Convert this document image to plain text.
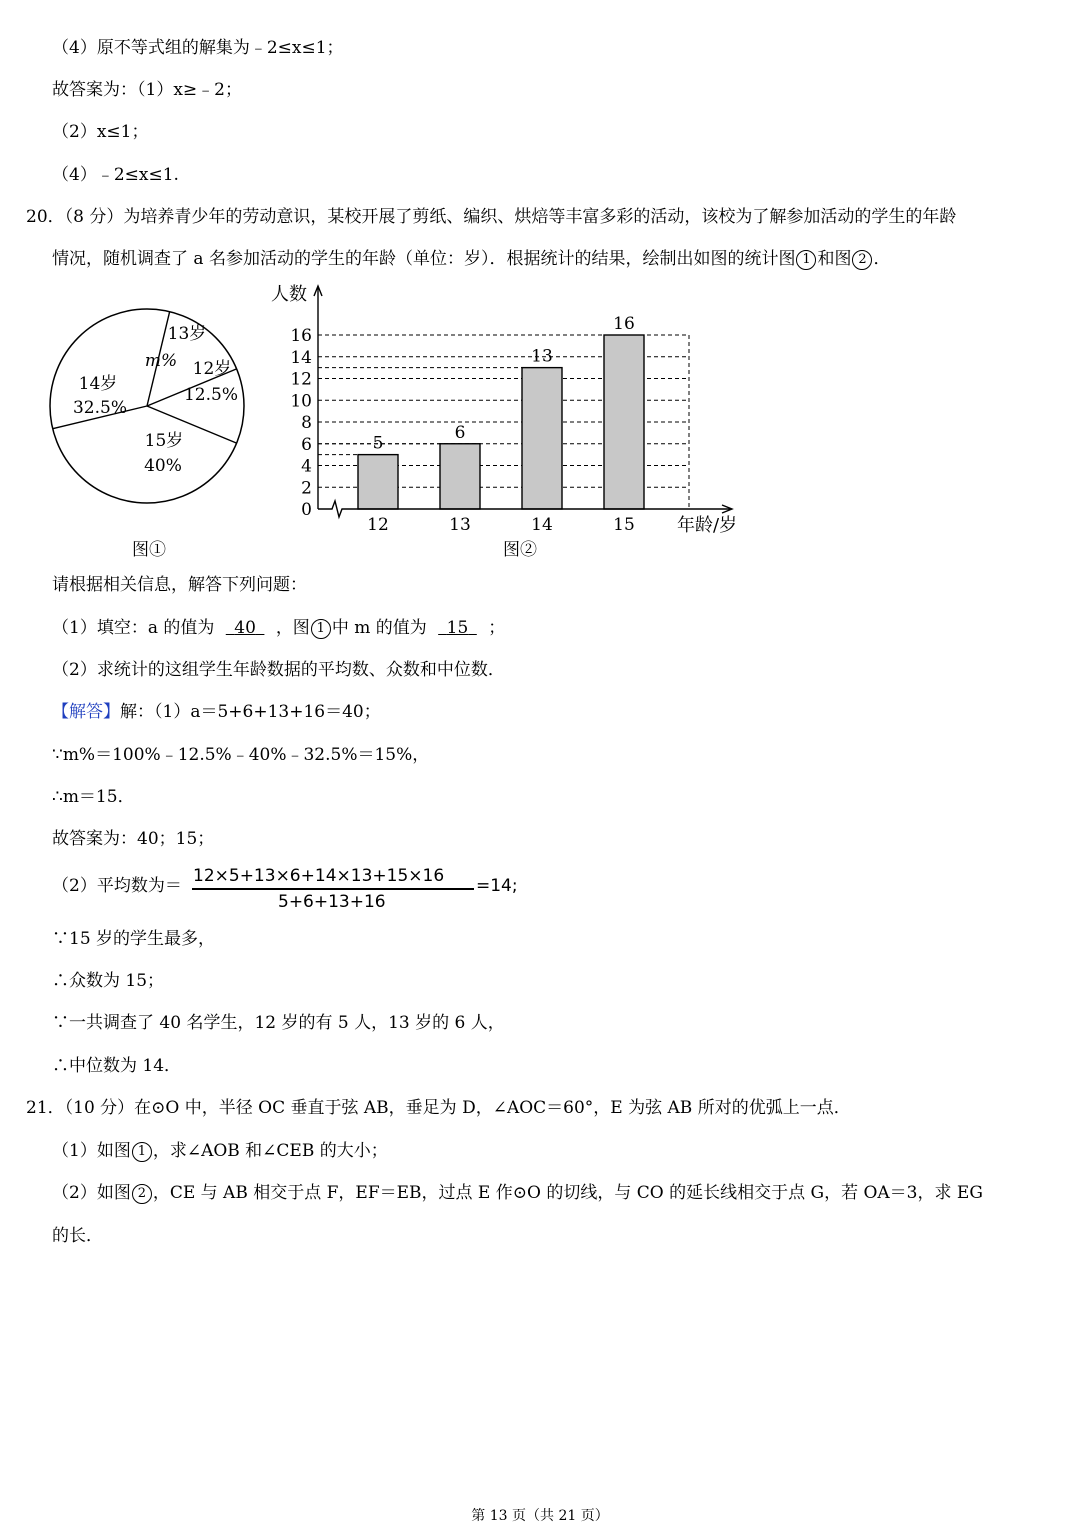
（4）原不等式组的解集为﹣2≤x≤1；
故答案为：（1）x≥﹣2；
（2）x≤1；
（4）﹣2≤x≤1.
20．（8 分）为培养青少年的劳动意识，某校开展了剪纸、编织、烘焙等丰富多彩的活动，该校为了解参加活动的学生的年龄
情况，随机调查了 a 名参加活动的学生的年龄（单位：岁）．根据统计的结果，绘制出如图的统计图 1 和图 2 ．
13岁
m% 12岁
12.5%
14岁
32.5%
15岁
40%
图①
5
6
13
16
0
2
4
6
8
10
12
14
16
12	13	14	15
人数
年龄/岁
图②
请根据相关信息，解答下列问题：
（1）填空：a 的值为   40  ，图 1 中 m 的值为   15  ；
（2）求统计的这组学生年龄数据的平均数、众数和中位数．
【解答】解：（1）a＝5+6+13+16＝40；
∵m%＝100%﹣12.5%﹣40%﹣32.5%＝15%，
∴m＝15．
故答案为：40；15；
（2）平均数为＝ 12×5+13×6+14×13+15×16
5+6+13+16
=14;
∵15 岁的学生最多，
∴众数为 15；
∵一共调查了 40 名学生，12 岁的有 5 人，13 岁的 6 人，
∴中位数为 14．
21．（10 分）在⊙O 中，半径 OC 垂直于弦 AB，垂足为 D，∠AOC＝60°，E 为弦 AB 所对的优弧上一点．
（1）如图 1 ，求∠AOB 和∠CEB 的大小；
（2）如图 2 ，CE 与 AB 相交于点 F，EF＝EB，过点 E 作⊙O 的切线，与 CO 的延长线相交于点 G，若 OA＝3，求 EG
的长．
第 13 页（共 21 页）
